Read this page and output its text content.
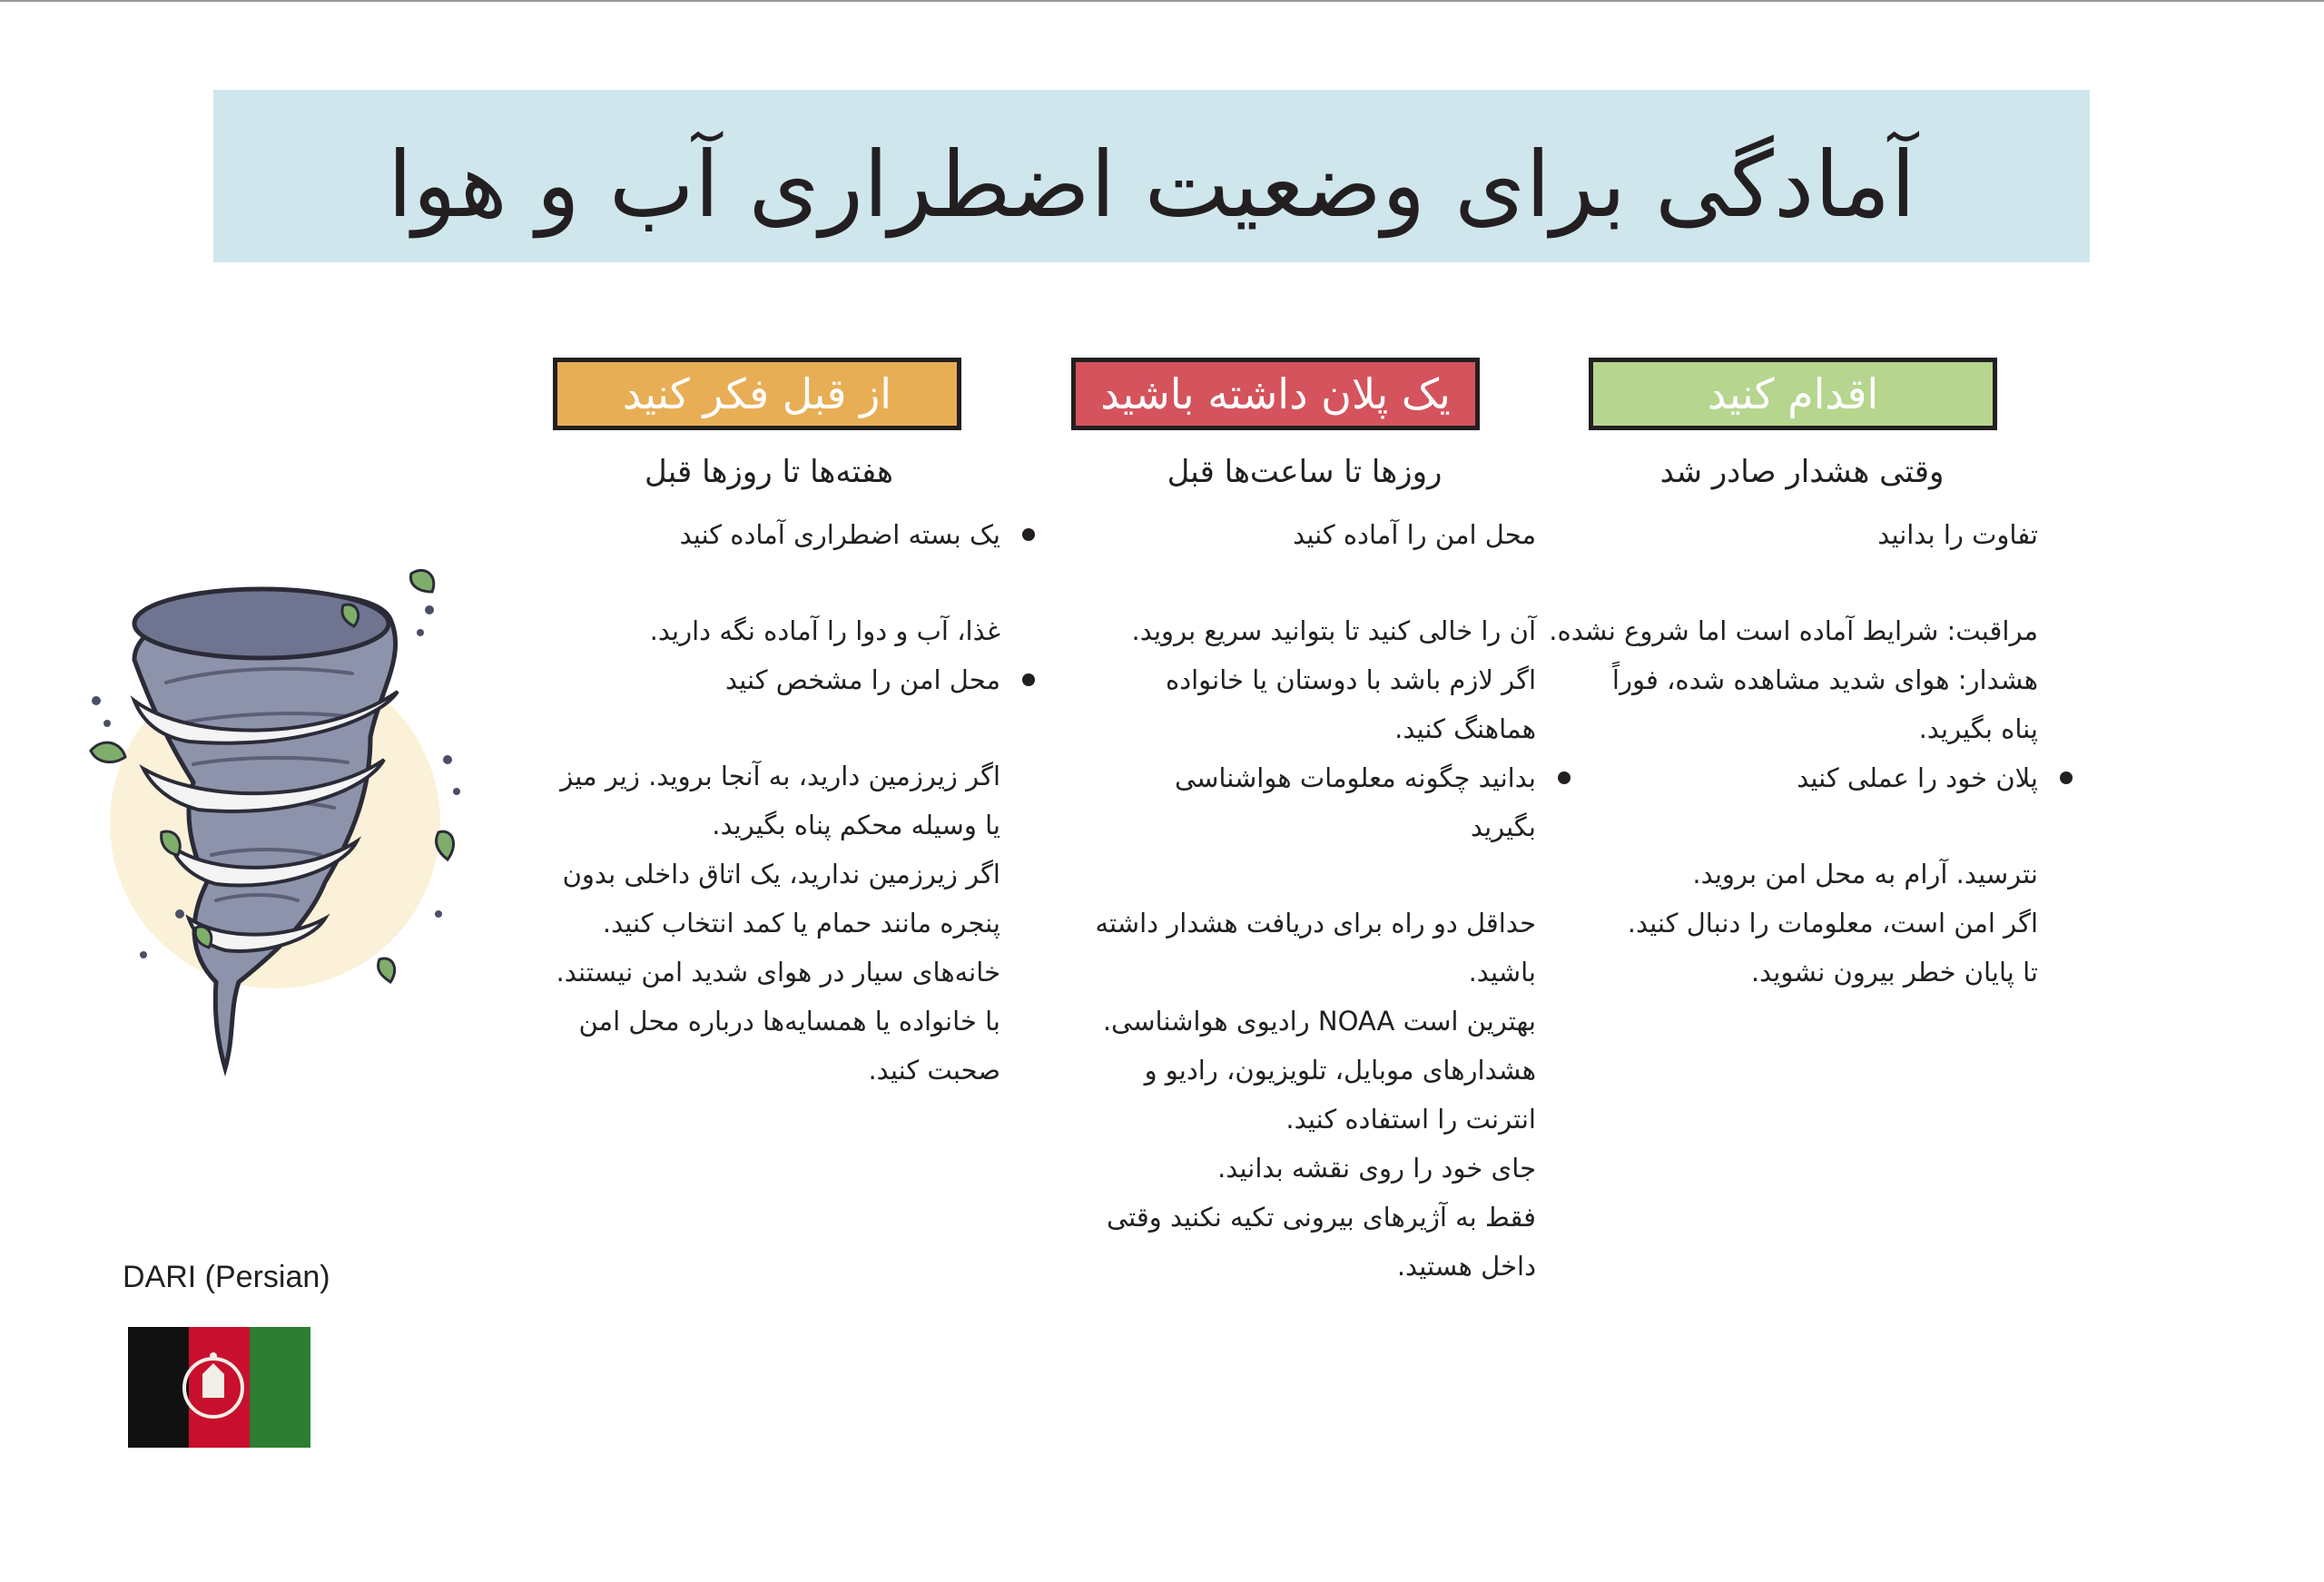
آمادگی برای وضعیت اضطراری آب و هوا
از قبل فکر کنید
هفته‌ها تا روزها قبل
یک بسته اضطراری آماده کنید
غذا، آب و دوا را آماده نگه دارید.
محل امن را مشخص کنید
اگر زیرزمین دارید، به آنجا بروید. زیر میز
یا وسیله محکم پناه بگیرید.
اگر زیرزمین ندارید، یک اتاق داخلی بدون
پنجره مانند حمام یا کمد انتخاب کنید.
خانه‌های سیار در هوای شدید امن نیستند.
با خانواده یا همسایه‌ها درباره محل امن
صحبت کنید.
یک پلان داشته باشید
روزها تا ساعت‌ها قبل
محل امن را آماده کنید
آن را خالی کنید تا بتوانید سریع بروید.
اگر لازم باشد با دوستان یا خانواده
هماهنگ کنید.
بدانید چگونه معلومات هواشناسی
بگیرید
حداقل دو راه برای دریافت هشدار داشته
باشید.
بهترین است NOAA رادیوی هواشناسی.
هشدارهای موبایل، تلویزیون، رادیو و
انترنت را استفاده کنید.
جای خود را روی نقشه بدانید.
فقط به آژیرهای بیرونی تکیه نکنید وقتی
داخل هستید.
اقدام کنید
وقتی هشدار صادر شد
تفاوت را بدانید
مراقبت: شرایط آماده است اما شروع نشده.
هشدار: هوای شدید مشاهده شده، فوراً
پناه بگیرید.
پلان خود را عملی کنید
نترسید. آرام به محل امن بروید.
اگر امن است، معلومات را دنبال کنید.
تا پایان خطر بیرون نشوید.
DARI (Persian)
